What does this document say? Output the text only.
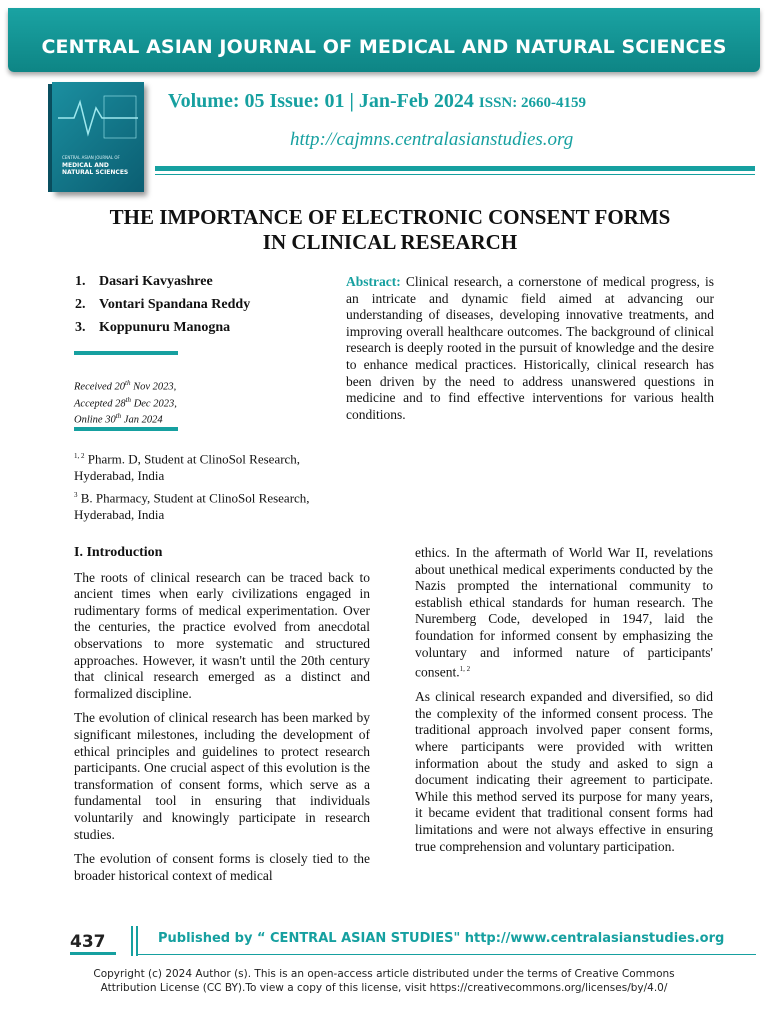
CENTRAL ASIAN JOURNAL OF MEDICAL AND NATURAL SCIENCES
CENTRAL ASIAN JOURNAL OF
MEDICAL AND NATURAL SCIENCES
Volume: 05 Issue: 01 | Jan-Feb 2024 ISSN: 2660-4159
http://cajmns.centralasianstudies.org
THE IMPORTANCE OF ELECTRONIC CONSENT FORMS
IN CLINICAL RESEARCH
1. Dasari Kavyashree
2. Vontari Spandana Reddy
3. Koppunuru Manogna
Received 20th Nov 2023,
Accepted 28th Dec 2023,
Online 30th Jan 2024
$^{1, 2}$ Pharm. D, Student at ClinoSol Research, Hyderabad, India
$^3$ B. Pharmacy, Student at ClinoSol Research, Hyderabad, India
Abstract: Clinical research, a cornerstone of medical progress, is an intricate and dynamic field aimed at advancing our understanding of diseases, developing innovative treatments, and improving overall healthcare outcomes. The background of clinical research is deeply rooted in the pursuit of knowledge and the desire to enhance medical practices. Historically, clinical research has been driven by the need to address unanswered questions in medicine and to find effective interventions for various health conditions.

I. Introduction

The roots of clinical research can be traced back to ancient times when early civilizations engaged in rudimentary forms of medical experimentation. Over the centuries, the practice evolved from anecdotal observations to more systematic and structured approaches. However, it wasn't until the 20th century that clinical research emerged as a distinct and formalized discipline.

The evolution of clinical research has been marked by significant milestones, including the development of ethical principles and guidelines to protect research participants. One crucial aspect of this evolution is the transformation of consent forms, which serve as a fundamental tool in ensuring that individuals voluntarily and knowingly participate in research studies.

The evolution of consent forms is closely tied to the broader historical context of medical

ethics. In the aftermath of World War II, revelations about unethical medical experiments conducted by the Nazis prompted the international community to establish ethical standards for human research. The Nuremberg Code, developed in 1947, laid the foundation for informed consent by emphasizing the voluntary and informed nature of participants' consent.$^{1, 2}$

As clinical research expanded and diversified, so did the complexity of the informed consent process. The traditional approach involved paper consent forms, where participants were provided with written information about the study and asked to sign a document indicating their agreement to participate. While this method served its purpose for many years, it became evident that traditional consent forms had limitations and were not always effective in ensuring true comprehension and voluntary participation.

437	Published by “ CENTRAL ASIAN STUDIES" http://www.centralasianstudies.org
Copyright (c) 2024 Author (s). This is an open-access article distributed under the terms of Creative Commons
Attribution License (CC BY).To view a copy of this license, visit https://creativecommons.org/licenses/by/4.0/
